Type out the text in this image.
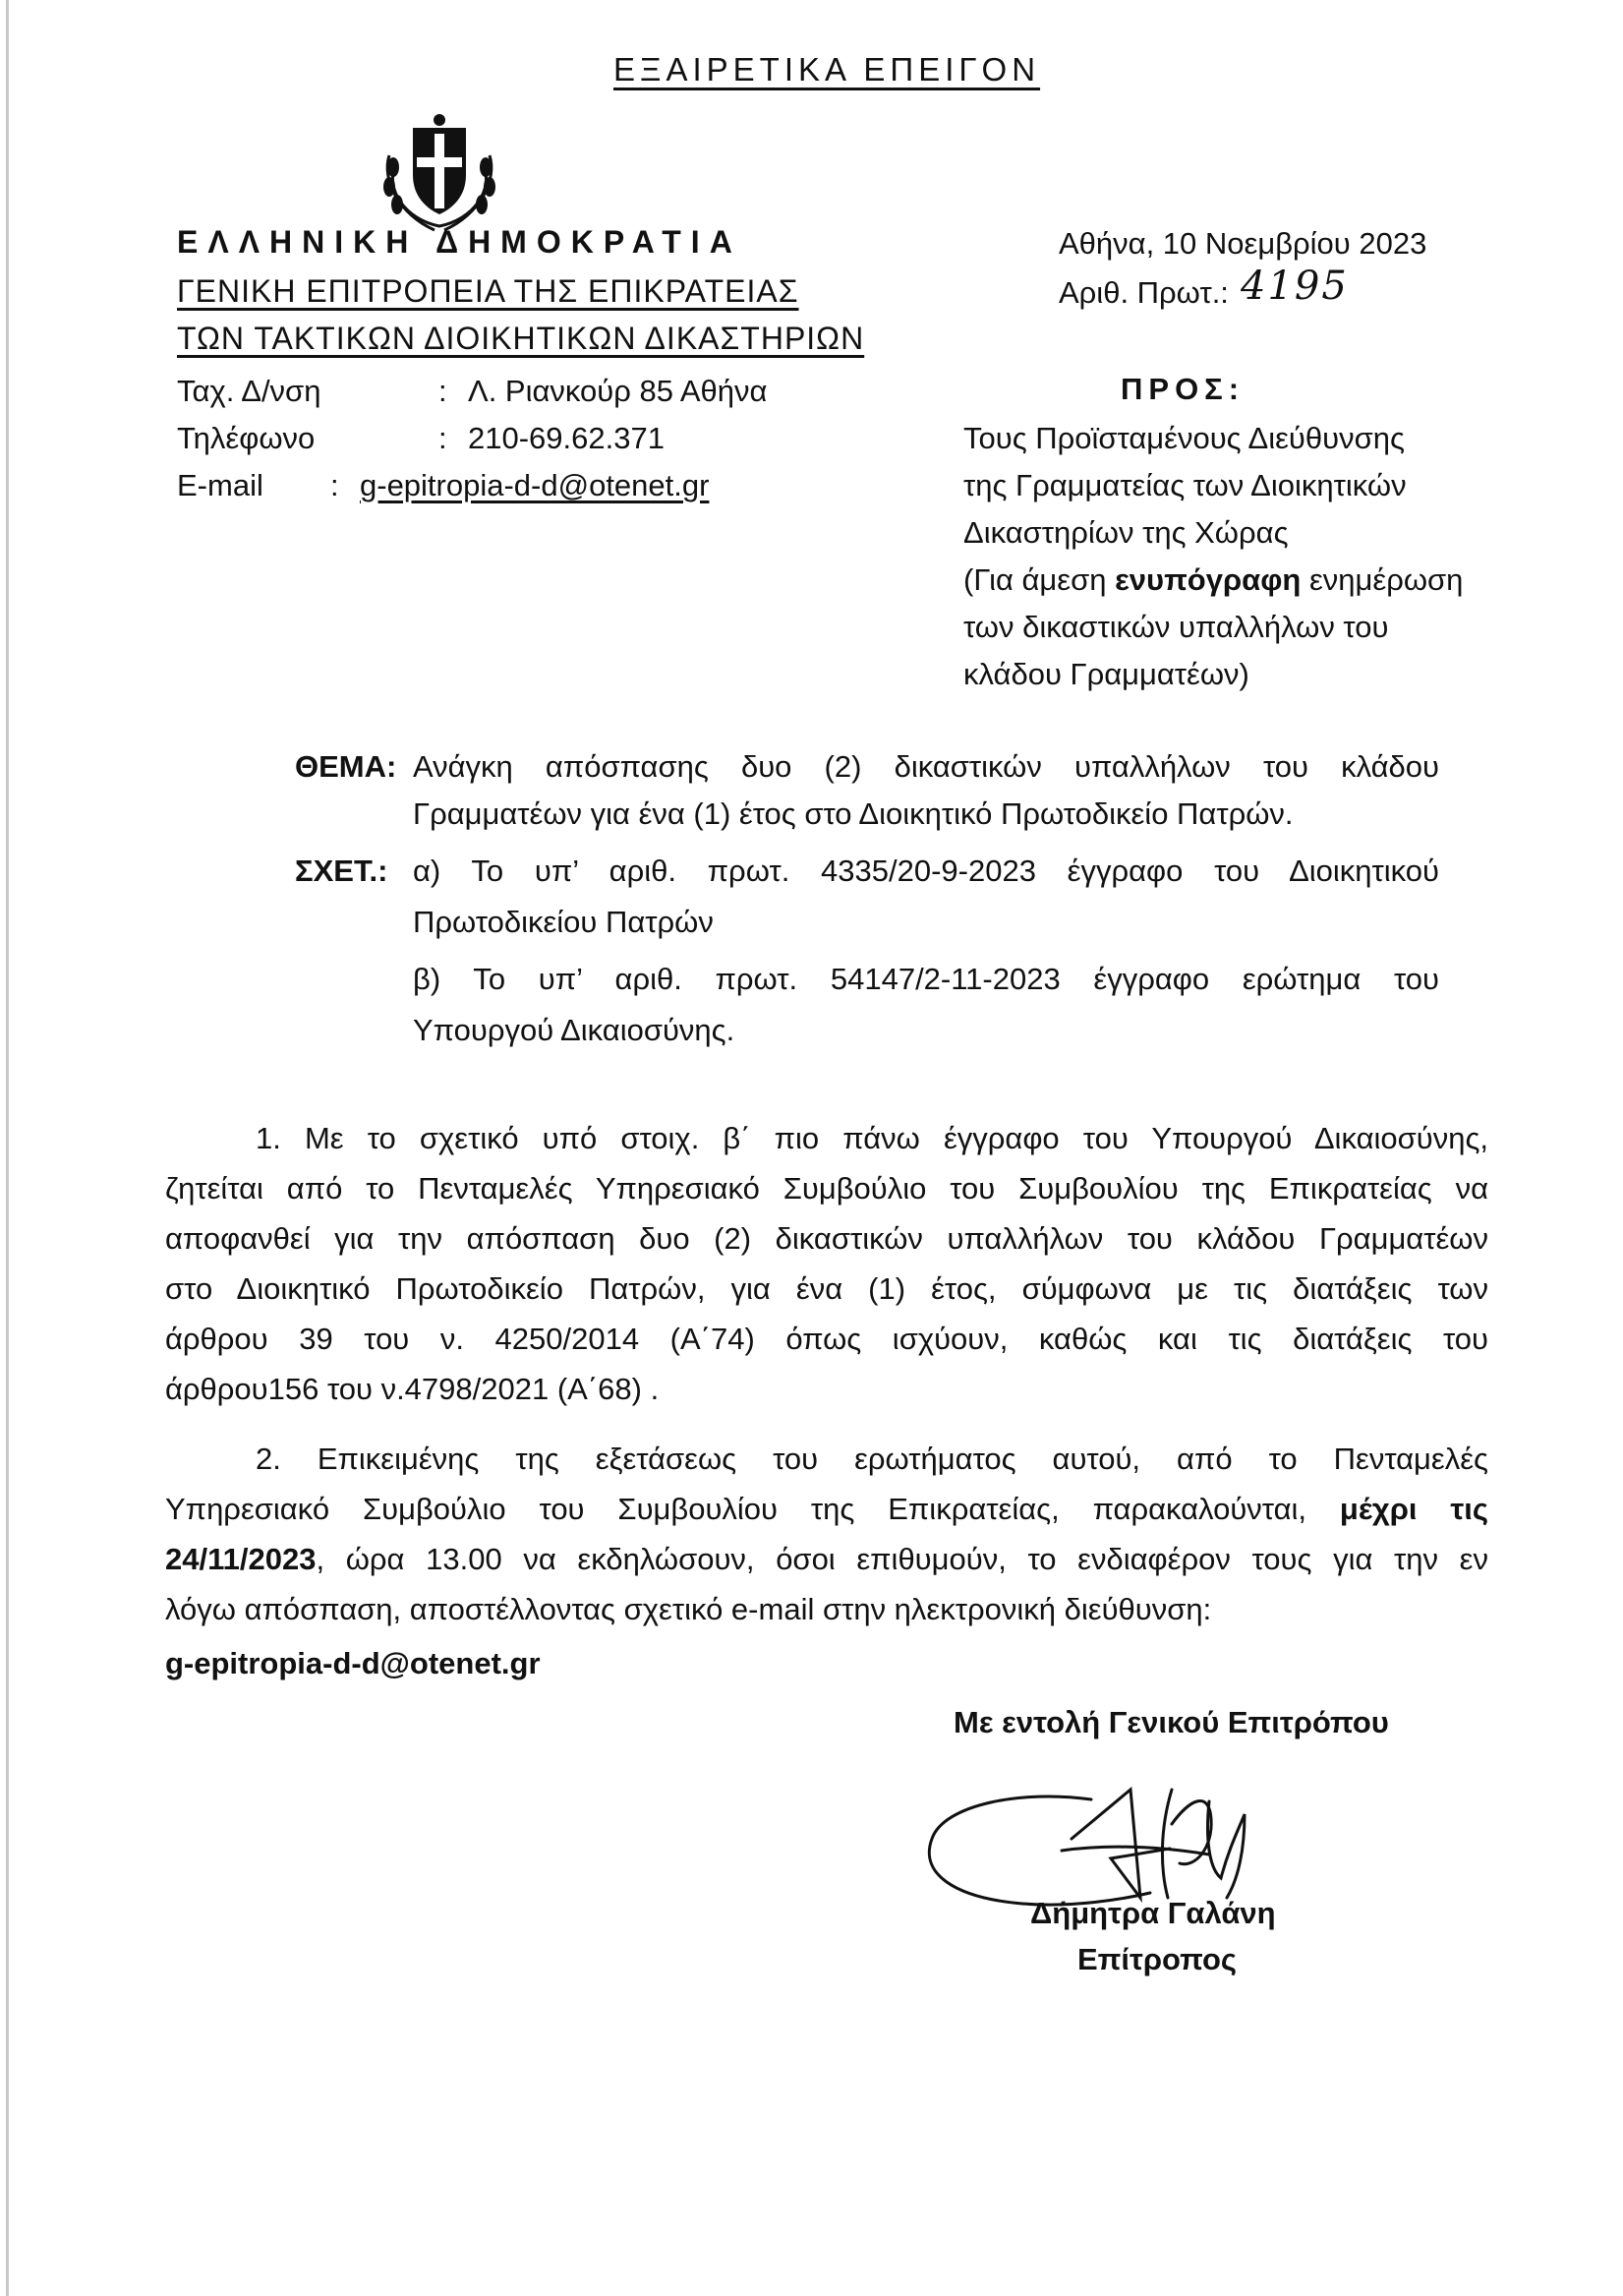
ΕΞΑΙΡΕΤΙΚΑ ΕΠΕΙΓΟΝ
ΕΛΛΗΝΙΚΗ ΔΗΜΟΚΡΑΤΙΑ
ΓΕΝΙΚΗ ΕΠΙΤΡΟΠΕΙΑ ΤΗΣ ΕΠΙΚΡΑΤΕΙΑΣ
ΤΩΝ ΤΑΚΤΙΚΩΝ ΔΙΟΙΚΗΤΙΚΩΝ ΔΙΚΑΣΤΗΡΙΩΝ
Ταχ. Δ/νση	: Λ. Ριανκούρ 85 Αθήνα
Τηλέφωνο	: 210-69.62.371
E-mail : g-epitropia-d-d@otenet.gr
Αθήνα, 10 Νοεμβρίου 2023
Αριθ. Πρωτ.: 4195
ΠΡΟΣ:
Τους Προϊσταμένους Διεύθυνσης
της Γραμματείας των Διοικητικών
Δικαστηρίων της Χώρας
(Για άμεση ενυπόγραφη ενημέρωση
των δικαστικών υπαλλήλων του
κλάδου Γραμματέων)
ΘΕΜΑ: Ανάγκη απόσπασης δυο (2) δικαστικών υπαλλήλων του κλάδου
Γραμματέων για ένα (1) έτος στο Διοικητικό Πρωτοδικείο Πατρών.
ΣΧΕΤ.: α) Το υπ’ αριθ. πρωτ. 4335/20-9-2023 έγγραφο του Διοικητικού
Πρωτοδικείου Πατρών
β) Το υπ’ αριθ. πρωτ. 54147/2-11-2023 έγγραφο ερώτημα του
Υπουργού Δικαιοσύνης.
1. Με το σχετικό υπό στοιχ. β΄ πιο πάνω έγγραφο του Υπουργού Δικαιοσύνης,
ζητείται από το Πενταμελές Υπηρεσιακό Συμβούλιο του Συμβουλίου της Επικρατείας να
αποφανθεί για την απόσπαση δυο (2) δικαστικών υπαλλήλων του κλάδου Γραμματέων
στο Διοικητικό Πρωτοδικείο Πατρών, για ένα (1) έτος, σύμφωνα με τις διατάξεις των
άρθρου 39 του ν. 4250/2014 (Α΄74) όπως ισχύουν, καθώς και τις διατάξεις του
άρθρου156 του ν.4798/2021 (Α΄68) .
2. Επικειμένης της εξετάσεως του ερωτήματος αυτού, από το Πενταμελές
Υπηρεσιακό Συμβούλιο του Συμβουλίου της Επικρατείας, παρακαλούνται, μέχρι τις
24/11/2023, ώρα 13.00 να εκδηλώσουν, όσοι επιθυμούν, το ενδιαφέρον τους για την εν
λόγω απόσπαση, αποστέλλοντας σχετικό e-mail στην ηλεκτρονική διεύθυνση:
g-epitropia-d-d@otenet.gr
Με εντολή Γενικού Επιτρόπου
Δήμητρα Γαλάνη
Επίτροπος
